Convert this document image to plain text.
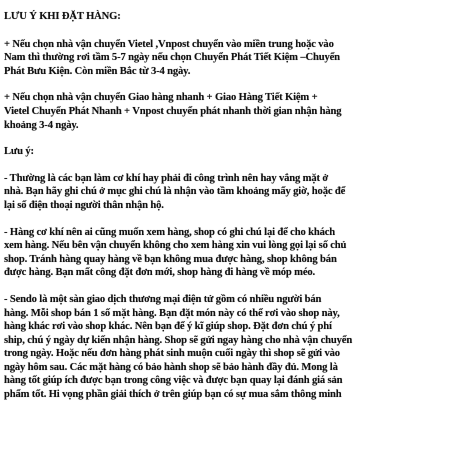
LƯU Ý KHI ĐẶT HÀNG:
+ Nếu chọn nhà vận chuyển Vietel ,Vnpost chuyển vào miền trung hoặc vào
Nam thì thường rơi tầm 5-7 ngày nếu chọn Chuyển Phát Tiết Kiệm –Chuyển
Phát Bưu Kiện. Còn miền Bắc từ 3-4 ngày.
+ Nếu chọn nhà vận chuyển Giao hàng nhanh + Giao Hàng Tiết Kiệm +
Vietel Chuyển Phát Nhanh + Vnpost chuyển phát nhanh thời gian nhận hàng
khoảng 3-4 ngày.
Lưu ý:
- Thường là các bạn làm cơ khí hay phải đi công trình nên hay vắng mặt ở
nhà. Bạn hãy ghi chú ở mục ghi chú là nhận vào tầm khoảng mấy giờ, hoặc để
lại số điện thoại người thân nhận hộ.
- Hàng cơ khí nên ai cũng muốn xem hàng, shop có ghi chú lại để cho khách
xem hàng. Nếu bên vận chuyển không cho xem hàng xin vui lòng gọi lại số chủ
shop. Tránh hàng quay hàng về bạn không mua được hàng, shop không bán
được hàng. Bạn mất công đặt đơn mới, shop hàng đi hàng về móp méo.
- Sendo là một sàn giao dịch thương mại điện tử gồm có nhiều người bán
hàng. Mỗi shop bán 1 số mặt hàng. Bạn đặt món này có thể rơi vào shop này,
hàng khác rơi vào shop khác. Nên bạn để ý kĩ giúp shop. Đặt đơn chú ý phí
ship, chú ý ngày dự kiến nhận hàng. Shop sẽ gửi ngay hàng cho nhà vận chuyển
trong ngày. Hoặc nếu đơn hàng phát sinh muộn cuối ngày thì shop sẽ gửi vào
ngày hôm sau. Các mặt hàng có bảo hành shop sẽ bảo hành đầy đủ. Mong là
hàng tốt giúp ích được bạn trong công việc và được bạn quay lại đánh giá sản
phẩm tốt. Hi vọng phần giải thích ở trên giúp bạn có sự mua sắm thông minh
